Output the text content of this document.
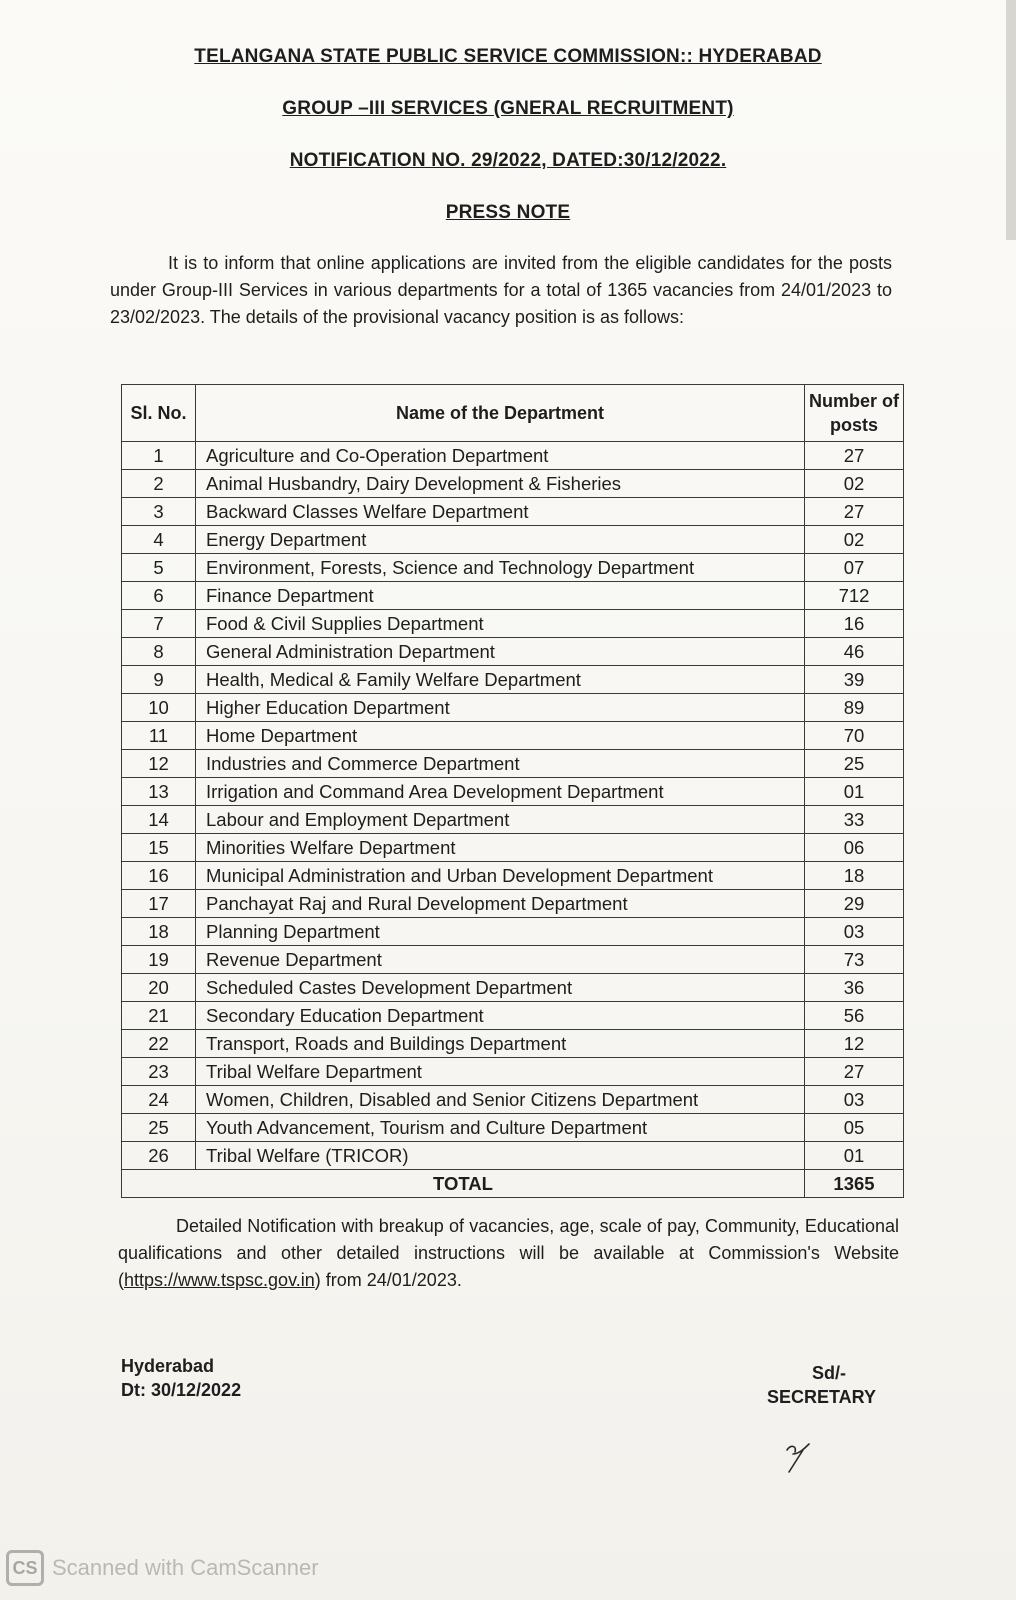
TELANGANA STATE PUBLIC SERVICE COMMISSION:: HYDERABAD
GROUP –III SERVICES (GNERAL RECRUITMENT)
NOTIFICATION NO. 29/2022, DATED:30/12/2022.
PRESS NOTE
It is to inform that online applications are invited from the eligible candidates for the posts under Group-III Services in various departments for a total of 1365 vacancies from 24/01/2023 to 23/02/2023. The details of the provisional vacancy position is as follows:
Sl. No.	Name of the Department	Number of posts
1	Agriculture and Co-Operation Department	27
2	Animal Husbandry, Dairy Development & Fisheries	02
3	Backward Classes Welfare Department	27
4	Energy Department	02
5	Environment, Forests, Science and Technology Department	07
6	Finance Department	712
7	Food & Civil Supplies Department	16
8	General Administration Department	46
9	Health, Medical & Family Welfare Department	39
10	Higher Education Department	89
11	Home Department	70
12	Industries and Commerce Department	25
13	Irrigation and Command Area Development Department	01
14	Labour and Employment Department	33
15	Minorities Welfare Department	06
16	Municipal Administration and Urban Development Department	18
17	Panchayat Raj and Rural Development Department	29
18	Planning Department	03
19	Revenue Department	73
20	Scheduled Castes Development Department	36
21	Secondary Education Department	56
22	Transport, Roads and Buildings Department	12
23	Tribal Welfare Department	27
24	Women, Children, Disabled and Senior Citizens Department	03
25	Youth Advancement, Tourism and Culture Department	05
26	Tribal Welfare (TRICOR)	01
TOTAL		1365
Detailed Notification with breakup of vacancies, age, scale of pay, Community, Educational qualifications and other detailed instructions will be available at Commission's Website (https://www.tspsc.gov.in) from 24/01/2023.
Hyderabad
Dt: 30/12/2022
Sd/-
SECRETARY
CS Scanned with CamScanner
